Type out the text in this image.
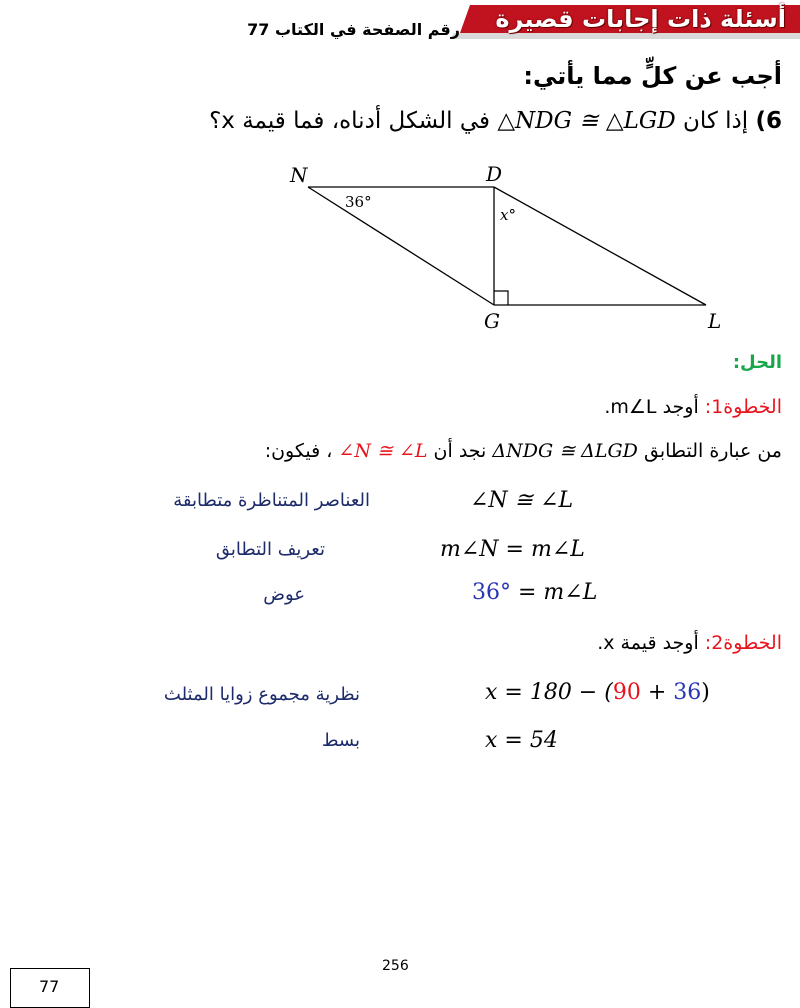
أسئلة ذات إجابات قصيرة
رقم الصفحة في الكتاب 77
أجب عن كلٍّ مما يأتي:
6) إذا كان △NDG ≅ △LGD في الشكل أدناه، فما قيمة x؟
N	D
G	L
36°
x°
الحل:
الخطوة1: أوجد m∠L.
من عبارة التطابق ΔNDG ≅ ΔLGD نجد أن ∠N ≅ ∠L ، فيكون:
∠N ≅ ∠L
العناصر المتناظرة متطابقة
m∠N = m∠L
تعريف التطابق
36° = m∠L
عوض
الخطوة2: أوجد قيمة x.
x = 180 − (90 + 36)
نظرية مجموع زوايا المثلث
x = 54
بسط
256
77
